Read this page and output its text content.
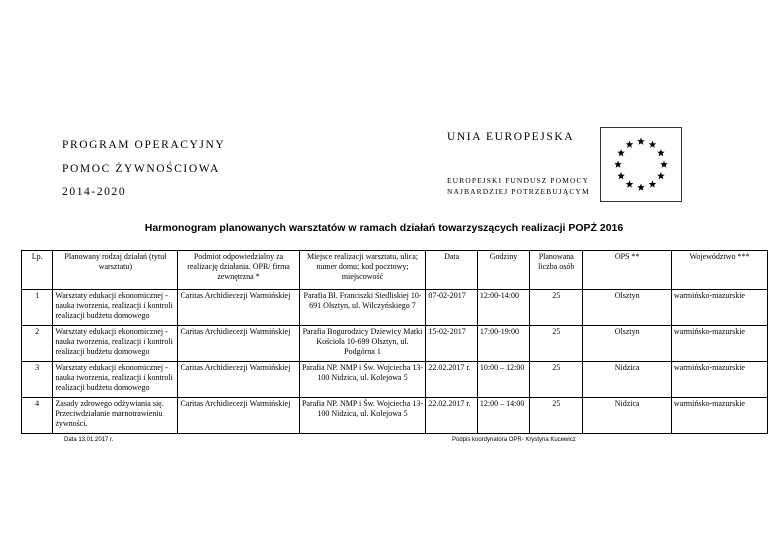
PROGRAM OPERACYJNY
POMOC ŻYWNOŚCIOWA
2014-2020
UNIA EUROPEJSKA
EUROPEJSKI FUNDUSZ POMOCY
NAJBARDZIEJ POTRZEBUJĄCYM
Harmonogram planowanych warsztatów w ramach działań towarzyszących realizacji POPŻ 2016
Lp.	Planowany rodzaj działań (tytuł warsztatu)	Podmiot odpowiedzialny za realizację działania. OPR/ firma zewnętrzna *	Miejsce realizacji warsztatu, ulica; numer domu; kod pocztowy; miejscowość	Data	Godziny	Planowana liczba osób	OPS **	Województwo ***
1	Warsztaty edukacji ekonomicznej - nauka tworzenia, realizacji i kontroli realizacji budżetu domowego	Caritas Archidiecezji Warmińskiej	Parafia Bł. Franciszki Siedliskiej 10-691 Olsztyn, ul. Wilczyńskiego 7	07-02-2017	12:00-14:00	25	Olsztyn	warmińsko-mazurskie
2	Warsztaty edukacji ekonomicznej - nauka tworzenia, realizacji i kontroli realizacji budżetu domowego	Caritas Archidiecezji Warmińskiej	Parafia Bogurodzicy Dziewicy Matki Kościoła 10-699 Olsztyn, ul. Podgórna 1	15-02-2017	17:00-19:00	25	Olsztyn	warmińsko-mazurskie
3	Warsztaty edukacji ekonomicznej - nauka tworzenia, realizacji i kontroli realizacji budżetu domowego	Caritas Archidiecezji Warmińskiej	Parafia NP. NMP i Św. Wojciecha 13-100 Nidzica, ul. Kolejowa 5	22.02.2017 r.	10:00 – 12:00	25	Nidzica	warmińsko-mazurskie
4	Zasady zdrowego odżywiania się. Przeciwdziałanie marnotrawieniu żywności.	Caritas Archidiecezji Warmińskiej	Parafia NP. NMP i Św. Wojciecha 13-100 Nidzica, ul. Kolejowa 5	22.02.2017 r.	12:00 – 14:00	25	Nidzica	warmińsko-mazurskie
Data 13.01.2017 r.	Podpis koordynatora OPR- Krystyna Kucewicz
